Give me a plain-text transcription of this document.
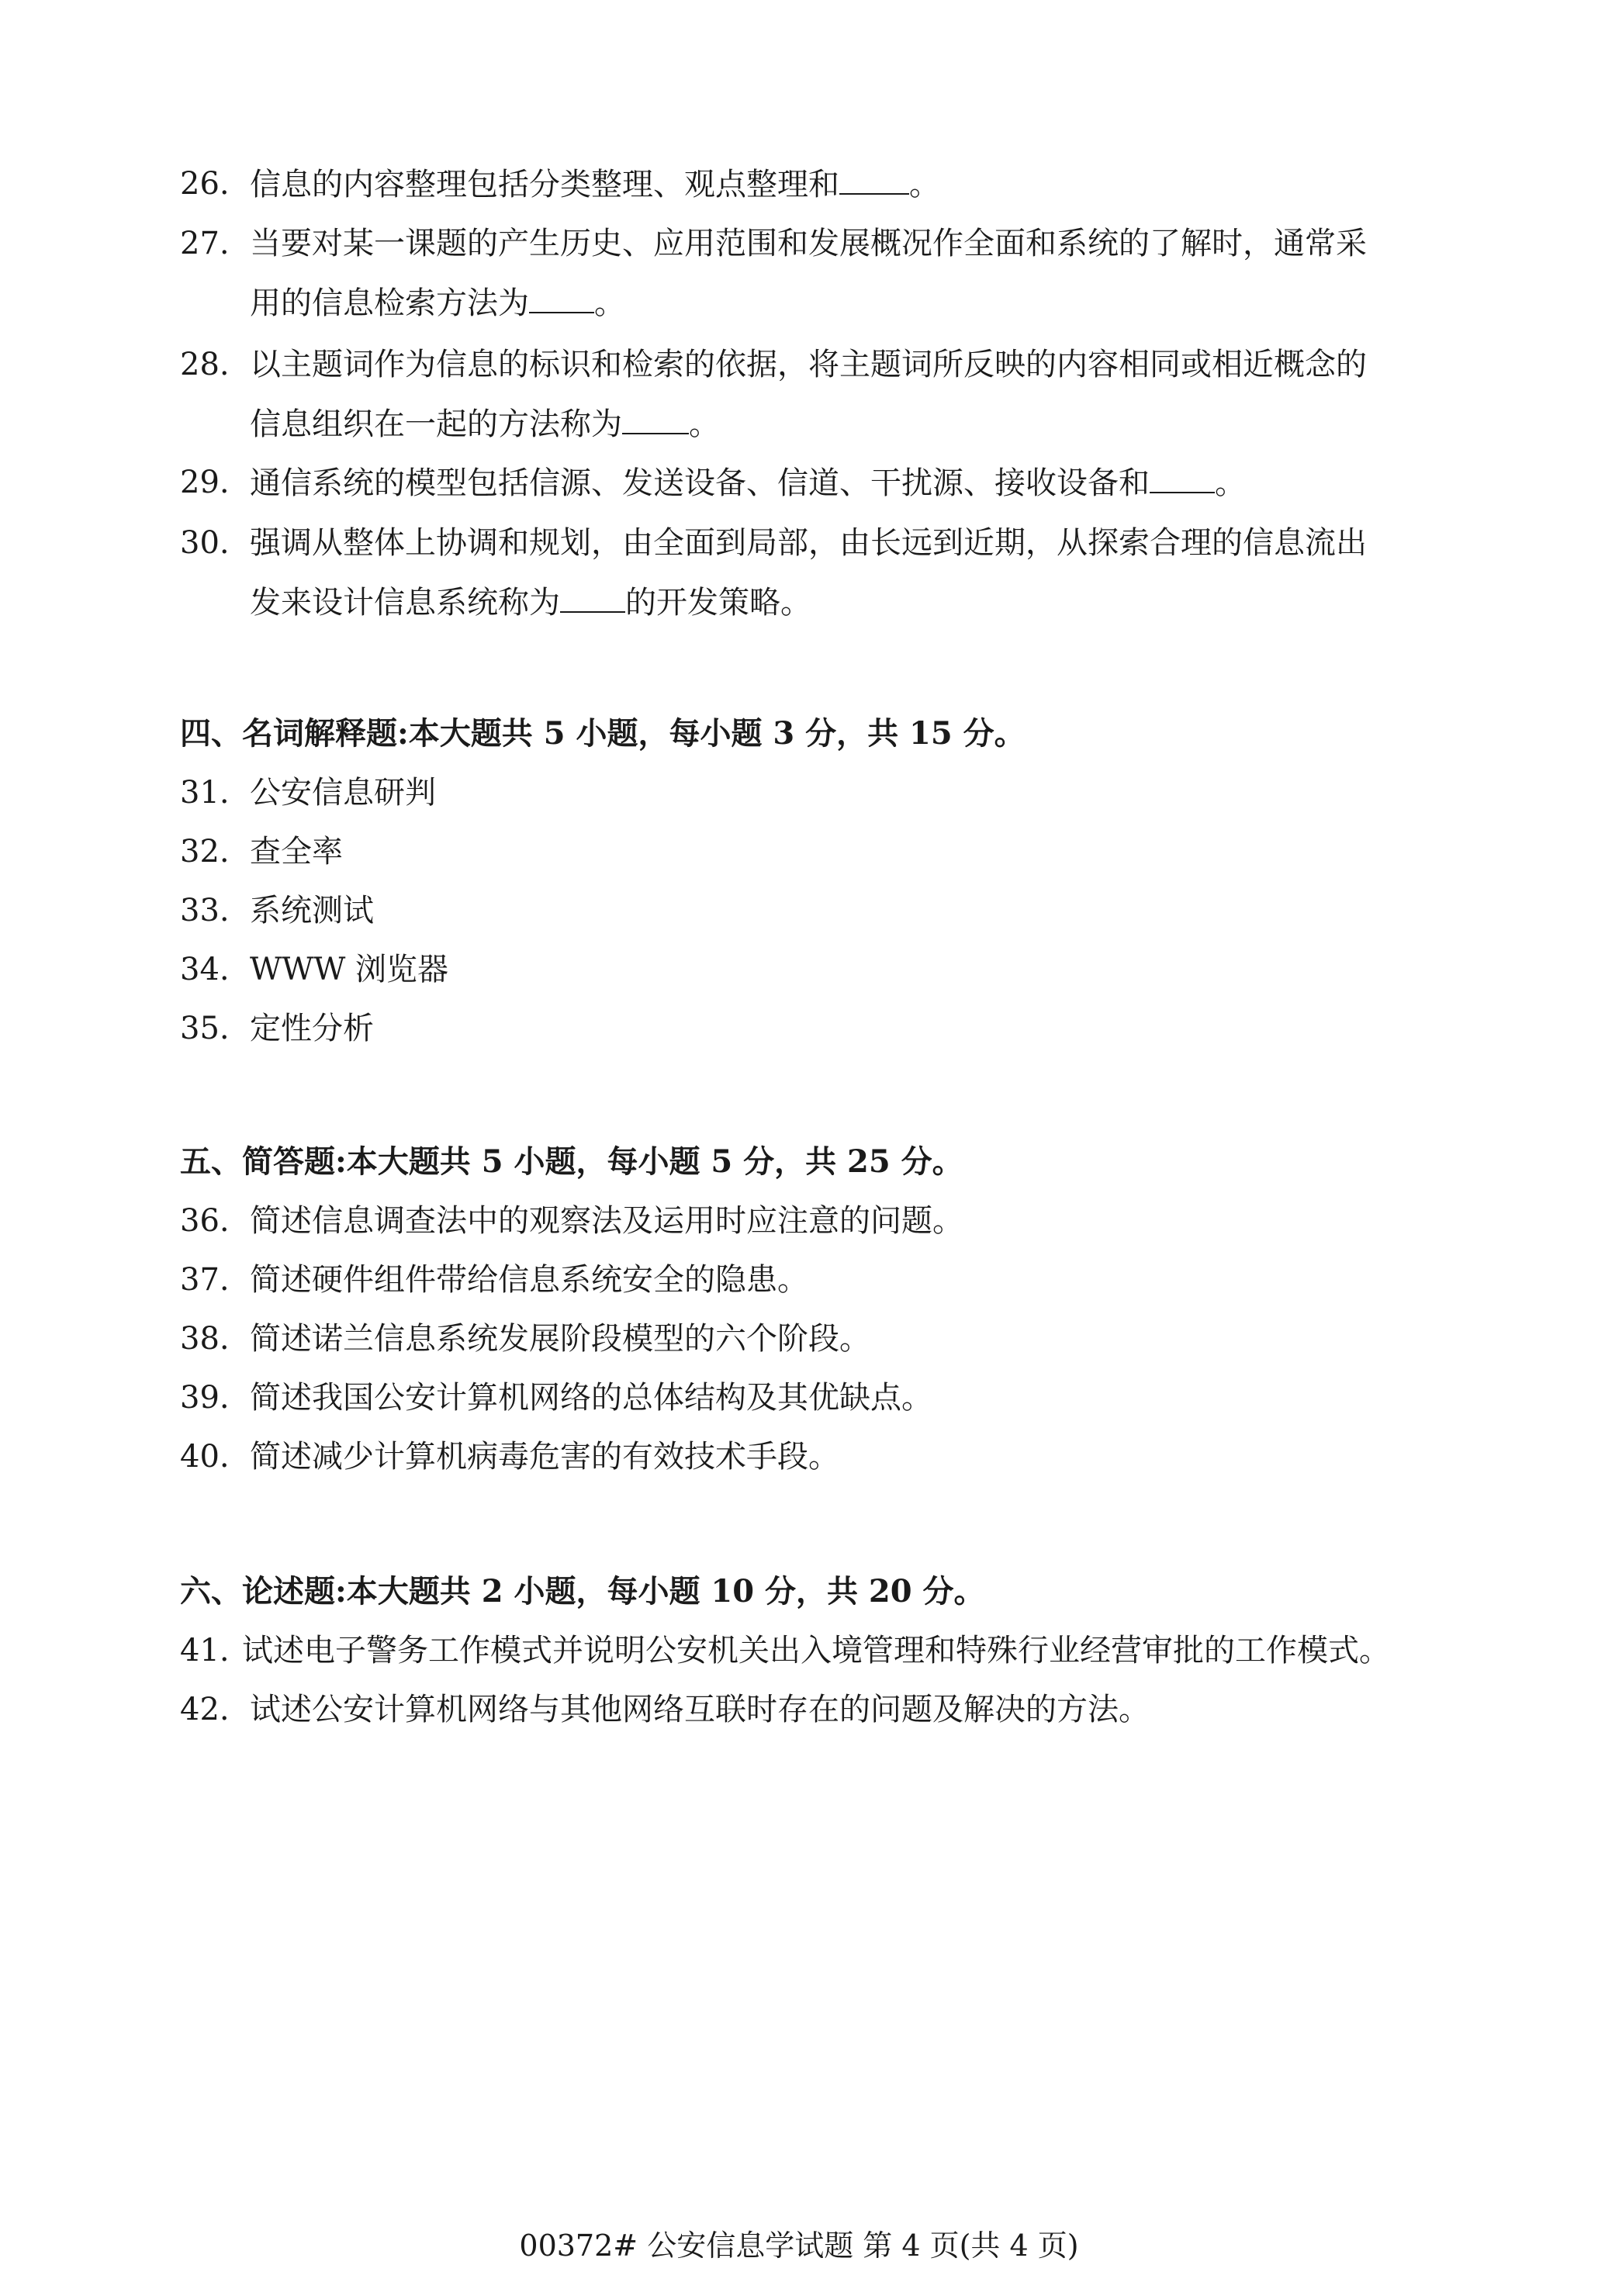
26. 信息的内容整理包括分类整理、观点整理和 。
27. 当要对某一课题的产生历史、应用范围和发展概况作全面和系统的了解时，通常采
用的信息检索方法为 。
28. 以主题词作为信息的标识和检索的依据，将主题词所反映的内容相同或相近概念的
信息组织在一起的方法称为 。
29. 通信系统的模型包括信源、发送设备、信道、干扰源、接收设备和 。
30. 强调从整体上协调和规划，由全面到局部，由长远到近期，从探索合理的信息流出
发来设计信息系统称为 的开发策略。
四、名词解释题:本大题共 5 小题，每小题 3 分，共 15 分。
31. 公安信息研判
32. 查全率
33. 系统测试
34. WWW 浏览器
35. 定性分析
五、简答题:本大题共 5 小题，每小题 5 分，共 25 分。
36. 简述信息调查法中的观察法及运用时应注意的问题。
37. 简述硬件组件带给信息系统安全的隐患。
38. 简述诺兰信息系统发展阶段模型的六个阶段。
39. 简述我国公安计算机网络的总体结构及其优缺点。
40. 简述减少计算机病毒危害的有效技术手段。
六、论述题:本大题共 2 小题，每小题 10 分，共 20 分。
41. 试述电子警务工作模式并说明公安机关出入境管理和特殊行业经营审批的工作模式。
42. 试述公安计算机网络与其他网络互联时存在的问题及解决的方法。
00372# 公安信息学试题 第 4 页(共 4 页)
